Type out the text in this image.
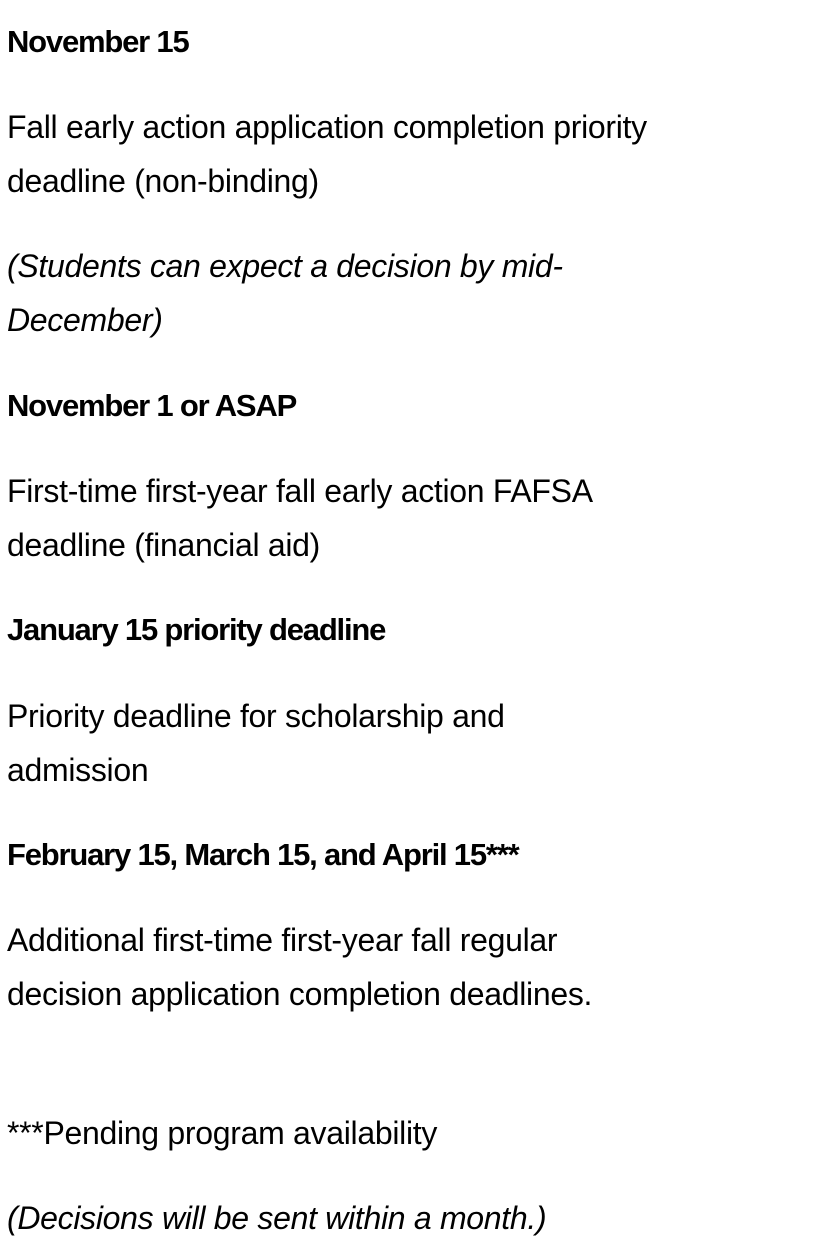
November 15

Fall early action application completion priority deadline (non-binding)

(Students can expect a decision by mid-December)

November 1 or ASAP

First-time first-year fall early action FAFSA deadline (financial aid)

January 15 priority deadline

Priority deadline for scholarship and admission

February 15, March 15, and April 15***

Additional first-time first-year fall regular decision application completion deadlines.

***Pending program availability

(Decisions will be sent within a month.)
